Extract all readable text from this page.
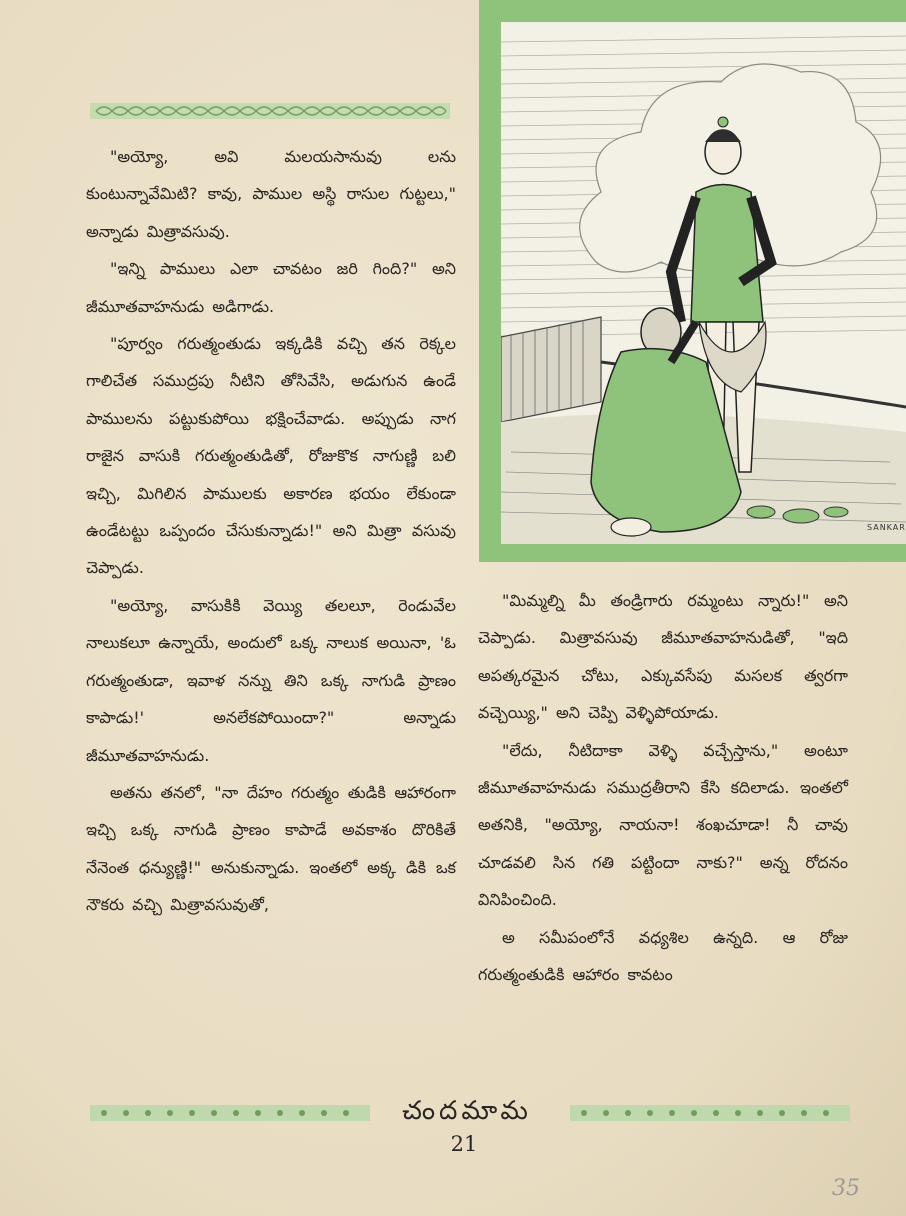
SANKAR

"అయ్యో, అవి మలయసానువు లను కుంటున్నావేమిటి? కావు, పాముల అస్థి రాసుల గుట్టలు," అన్నాడు మిత్రావసువు.

"ఇన్ని పాములు ఎలా చావటం జరి గింది?" అని జీమూతవాహనుడు అడిగాడు.

"పూర్వం గరుత్మంతుడు ఇక్కడికి వచ్చి తన రెక్కల గాలిచేత సముద్రపు నీటిని తోసివేసి, అడుగున ఉండే పాములను పట్టుకుపోయి భక్షించేవాడు. అప్పుడు నాగ రాజైన వాసుకి గరుత్మంతుడితో, రోజుకొక నాగుణ్ణి బలి ఇచ్చి, మిగిలిన పాములకు అకారణ భయం లేకుండా ఉండేటట్టు ఒప్పందం చేసుకున్నాడు!" అని మిత్రా వసువు చెప్పాడు.

"అయ్యో, వాసుకికి వెయ్యి తలలూ, రెండువేల నాలుకలూ ఉన్నాయే, అందులో ఒక్క నాలుక అయినా, 'ఓ గరుత్మంతుడా, ఇవాళ నన్ను తిని ఒక్క నాగుడి ప్రాణం కాపాడు!' అనలేకపోయిందా?" అన్నాడు జీమూతవాహనుడు.

అతను తనలో, "నా దేహం గరుత్మం తుడికి ఆహారంగా ఇచ్చి ఒక్క నాగుడి ప్రాణం కాపాడే అవకాశం దొరికితే నేనెంత ధన్యుణ్ణి!" అనుకున్నాడు. ఇంతలో అక్క డికి ఒక నౌకరు వచ్చి మిత్రావసువుతో,

"మిమ్మల్ని మీ తండ్రిగారు రమ్మంటు న్నారు!" అని చెప్పాడు. మిత్రావసువు జీమూతవాహనుడితో, "ఇది అపత్కరమైన చోటు, ఎక్కువసేపు మసలక త్వరగా వచ్చెయ్యి," అని చెప్పి వెళ్ళిపోయాడు.

"లేదు, నీటిదాకా వెళ్ళి వచ్చేస్తాను," అంటూ జీమూతవాహనుడు సముద్రతీరాని కేసి కదిలాడు. ఇంతలో అతనికి, "అయ్యో, నాయనా! శంఖచూడా! నీ చావు చూడవలి సిన గతి పట్టిందా నాకు?" అన్న రోదనం వినిపించింది.

అ సమీపంలోనే వధ్యశిల ఉన్నది. ఆ రోజు గరుత్మంతుడికి ఆహారం కావటం

చందమామ
21
35
